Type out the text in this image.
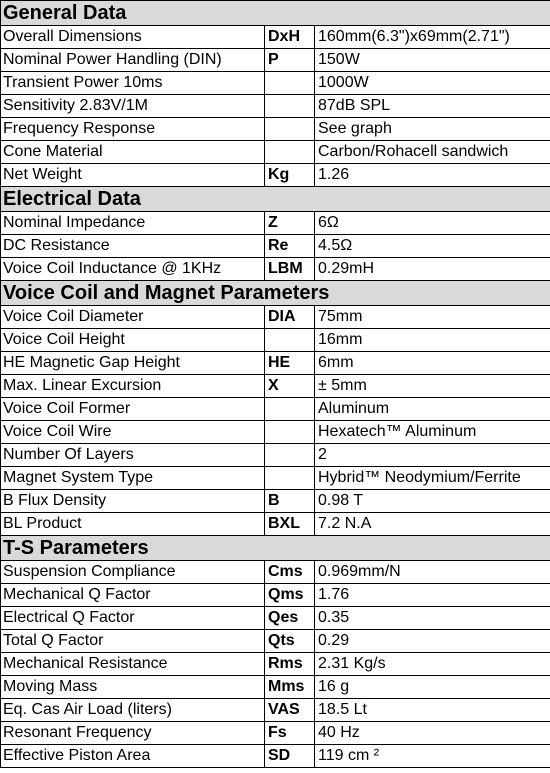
General Data		
Overall Dimensions	DxH	160mm(6.3")x69mm(2.71")
Nominal Power Handling (DIN)	P	150W
Transient Power 10ms		1000W
Sensitivity 2.83V/1M		87dB SPL
Frequency Response		See graph
Cone Material		Carbon/Rohacell sandwich
Net Weight	Kg	1.26
Electrical Data		
Nominal Impedance	Z	6Ω
DC Resistance	Re	4.5Ω
Voice Coil Inductance @ 1KHz	LBM	0.29mH
Voice Coil and Magnet Parameters		
Voice Coil Diameter	DIA	75mm
Voice Coil Height		16mm
HE Magnetic Gap Height	HE	6mm
Max. Linear Excursion	X	± 5mm
Voice Coil Former		Aluminum
Voice Coil Wire		Hexatech™ Aluminum
Number Of Layers		2
Magnet System Type		Hybrid™ Neodymium/Ferrite
B Flux Density	B	0.98 T
BL Product	BXL	7.2 N.A
T-S Parameters		
Suspension Compliance	Cms	0.969mm/N
Mechanical Q Factor	Qms	1.76
Electrical Q Factor	Qes	0.35
Total Q Factor	Qts	0.29
Mechanical Resistance	Rms	2.31 Kg/s
Moving Mass	Mms	16 g
Eq. Cas Air Load (liters)	VAS	18.5 Lt
Resonant Frequency	Fs	40 Hz
Effective Piston Area	SD	119 cm ²
